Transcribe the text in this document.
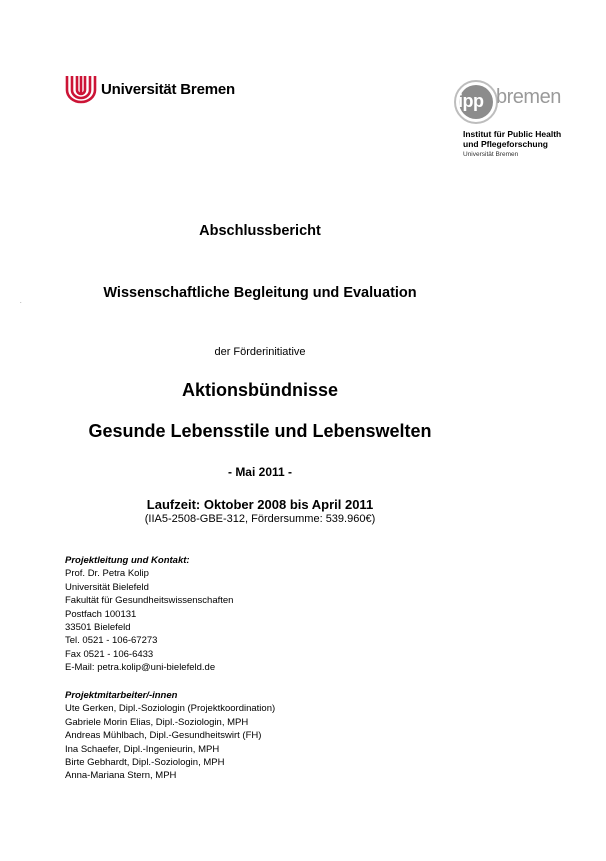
Universität Bremen
ipp bremen
Institut für Public Health
und Pflegeforschung
Universität Bremen
.
Abschlussbericht
Wissenschaftliche Begleitung und Evaluation
der Förderinitiative
Aktionsbündnisse
Gesunde Lebensstile und Lebenswelten
- Mai 2011 -
Laufzeit: Oktober 2008 bis April 2011
(IIA5-2508-GBE-312, Fördersumme: 539.960€)
Projektleitung und Kontakt:
Prof. Dr. Petra Kolip
Universität Bielefeld
Fakultät für Gesundheitswissenschaften
Postfach 100131
33501 Bielefeld
Tel. 0521 - 106-67273
Fax 0521 - 106-6433
E-Mail: petra.kolip@uni-bielefeld.de
Projektmitarbeiter/-innen
Ute Gerken, Dipl.-Soziologin (Projektkoordination)
Gabriele Morin Elias, Dipl.-Soziologin, MPH
Andreas Mühlbach, Dipl.-Gesundheitswirt (FH)
Ina Schaefer, Dipl.-Ingenieurin, MPH
Birte Gebhardt, Dipl.-Soziologin, MPH
Anna-Mariana Stern, MPH
